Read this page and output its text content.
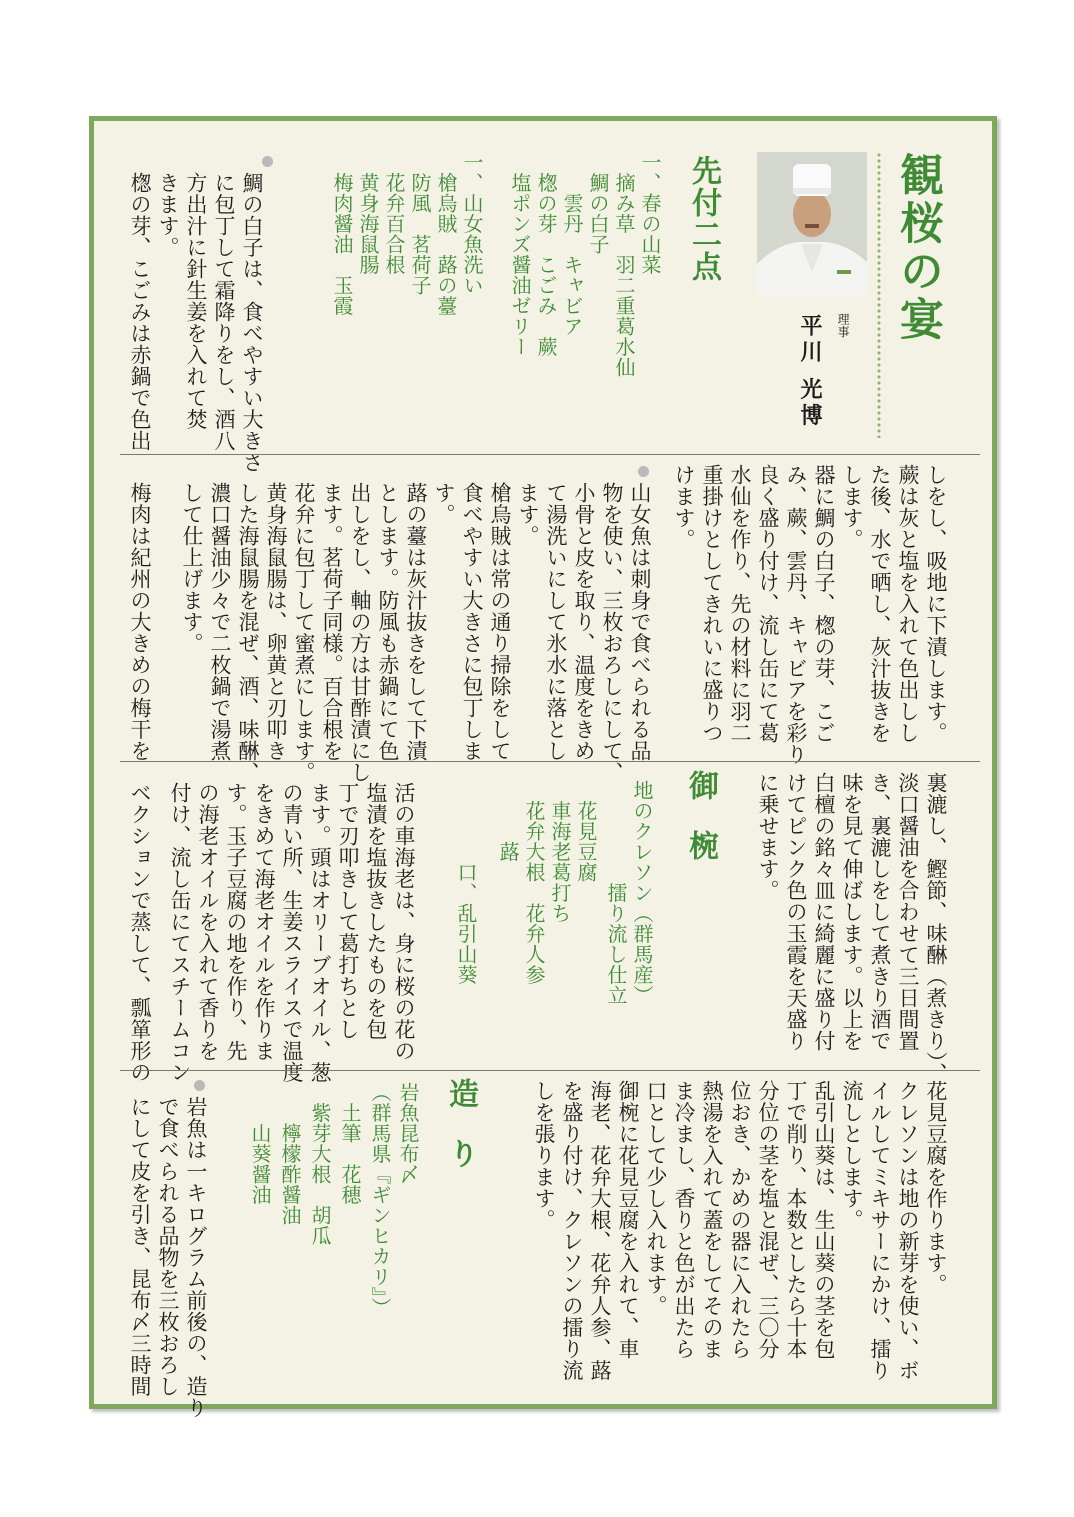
観桜の宴
理事
平川 光博
先付二点
一、春の山菜
　摘み草　羽二重葛水仙
　鯛の白子
　　雲丹　キャビア
　楤の芽　こごみ　蕨
　塩ポンズ醤油ゼリー
一、山女魚洗い
　槍烏賊　蕗の薹
　防風　茗荷子
　花弁百合根
　黄身海鼠腸
　梅肉醤油　玉霞
鯛の白子は、食べやすい大きさ
に包丁して霜降りをし、酒八
方出汁に針生姜を入れて焚
きます。
楤の芽、こごみは赤鍋で色出
しをし、吸地に下漬します。
蕨は灰と塩を入れて色出しし
た後、水で晒し、灰汁抜きを
します。
器に鯛の白子、楤の芽、こご
み、蕨、雲丹、キャビアを彩り
良く盛り付け、流し缶にて葛
水仙を作り、先の材料に羽二
重掛けとしてきれいに盛りつ
けます。
山女魚は刺身で食べられる品
物を使い、三枚おろしにして、
小骨と皮を取り、温度をきめ
て湯洗いにして氷水に落とし
ます。
槍烏賊は常の通り掃除をして
食べやすい大きさに包丁しま
す。
蕗の薹は灰汁抜きをして下漬
とします。防風も赤鍋にて色
出しをし、軸の方は甘酢漬にし
ます。茗荷子同様。百合根を
花弁に包丁して蜜煮にします。
黄身海鼠腸は、卵黄と刃叩き
した海鼠腸を混ぜ、酒、味醂、
濃口醤油少々で二枚鍋で湯煮
して仕上げます。
梅肉は紀州の大きめの梅干を
裏漉し、鰹節、味醂（煮きり）、
淡口醤油を合わせて三日間置
き、裏漉しをして煮きり酒で
味を見て伸ばします。以上を
白檀の銘々皿に綺麗に盛り付
けてピンク色の玉霞を天盛り
に乗せます。
御　椀
地のクレソン（群馬産）
　　　　　擂り流し仕立
　花見豆腐
　車海老葛打ち
　花弁大根　花弁人参
　　　蕗
　　　　口、乱引山葵
活の車海老は、身に桜の花の
塩漬を塩抜きしたものを包
丁で刃叩きして葛打ちとし
ます。頭はオリーブオイル、葱
の青い所、生姜スライスで温度
をきめて海老オイルを作りま
す。玉子豆腐の地を作り、先
の海老オイルを入れて香りを
付け、流し缶にてスチームコン
ベクションで蒸して、瓢箪形の
花見豆腐を作ります。
クレソンは地の新芽を使い、ボ
イルしてミキサーにかけ、擂り
流しとします。
乱引山葵は、生山葵の茎を包
丁で削り、本数としたら十本
分位の茎を塩と混ぜ、三〇分
位おき、かめの器に入れたら
熱湯を入れて蓋をしてそのま
ま冷まし、香りと色が出たら
口として少し入れます。
御椀に花見豆腐を入れて、車
海老、花弁大根、花弁人参、蕗
を盛り付け、クレソンの擂り流
しを張ります。
造　り
岩魚昆布〆
（群馬県『ギンヒカリ』）
　土筆　花穂
　紫芽大根　胡瓜
　　檸檬酢醤油
　　山葵醤油
岩魚は一キログラム前後の、造り
で食べられる品物を三枚おろし
にして皮を引き、昆布〆三時間
